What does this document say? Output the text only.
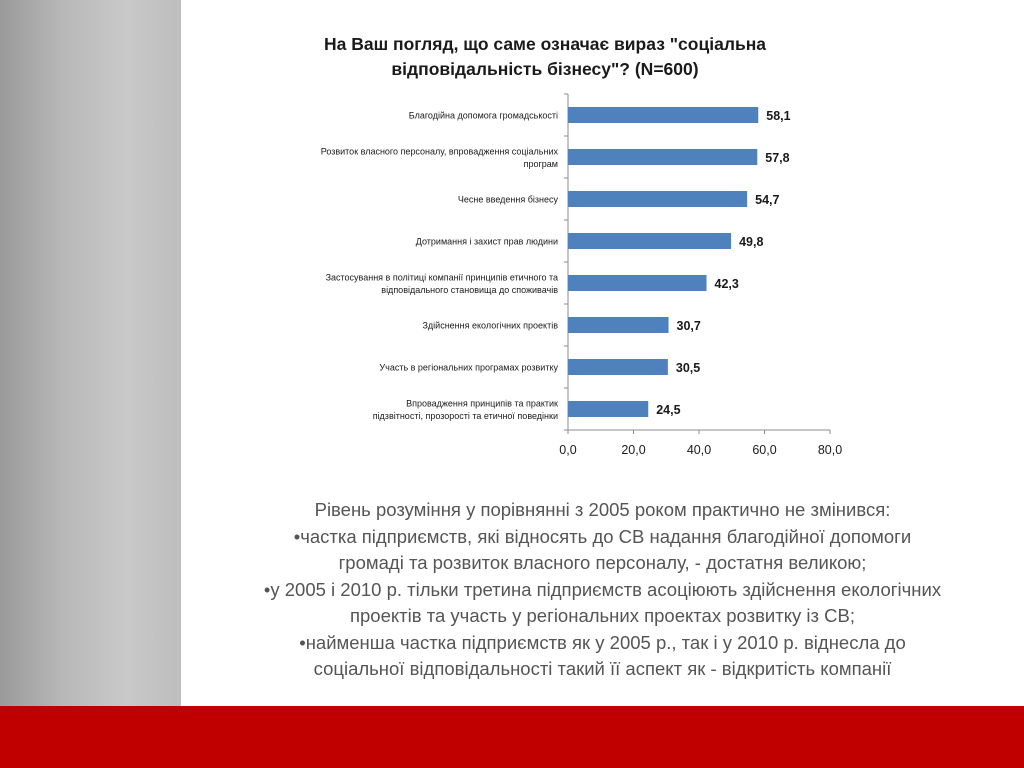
На Ваш погляд, що саме означає вираз "соціальна
відповідальність бізнесу"? (N=600)
58,1
Благодійна допомога громадськості
57,8
Розвиток власного персоналу, впровадження соціальних
програм
54,7
Чесне введення бізнесу
49,8
Дотримання і захист прав людини
42,3
Застосування в політиці компанії принципів етичного та
відповідального становища до споживачів
30,7
Здійснення екологічних проектів
30,5
Участь в регіональних програмах розвитку
24,5
Впровадження принципів та практик
підзвітності, прозорості та етичної поведінки
0,0	20,0	40,0	60,0	80,0
Рівень розуміння у порівнянні з 2005 роком практично не змінився:
•частка підприємств, які відносять до СВ надання благодійної допомоги
громаді та розвиток власного персоналу, - достатня великою;
•у 2005 і 2010 р. тільки третина підприємств асоціюють здійснення екологічних
проектів та участь у регіональних проектах розвитку із СВ;
•найменша частка підприємств як у 2005 р., так і у 2010 р. віднесла до
соціальної відповідальності такий її аспект як - відкритість компанії
